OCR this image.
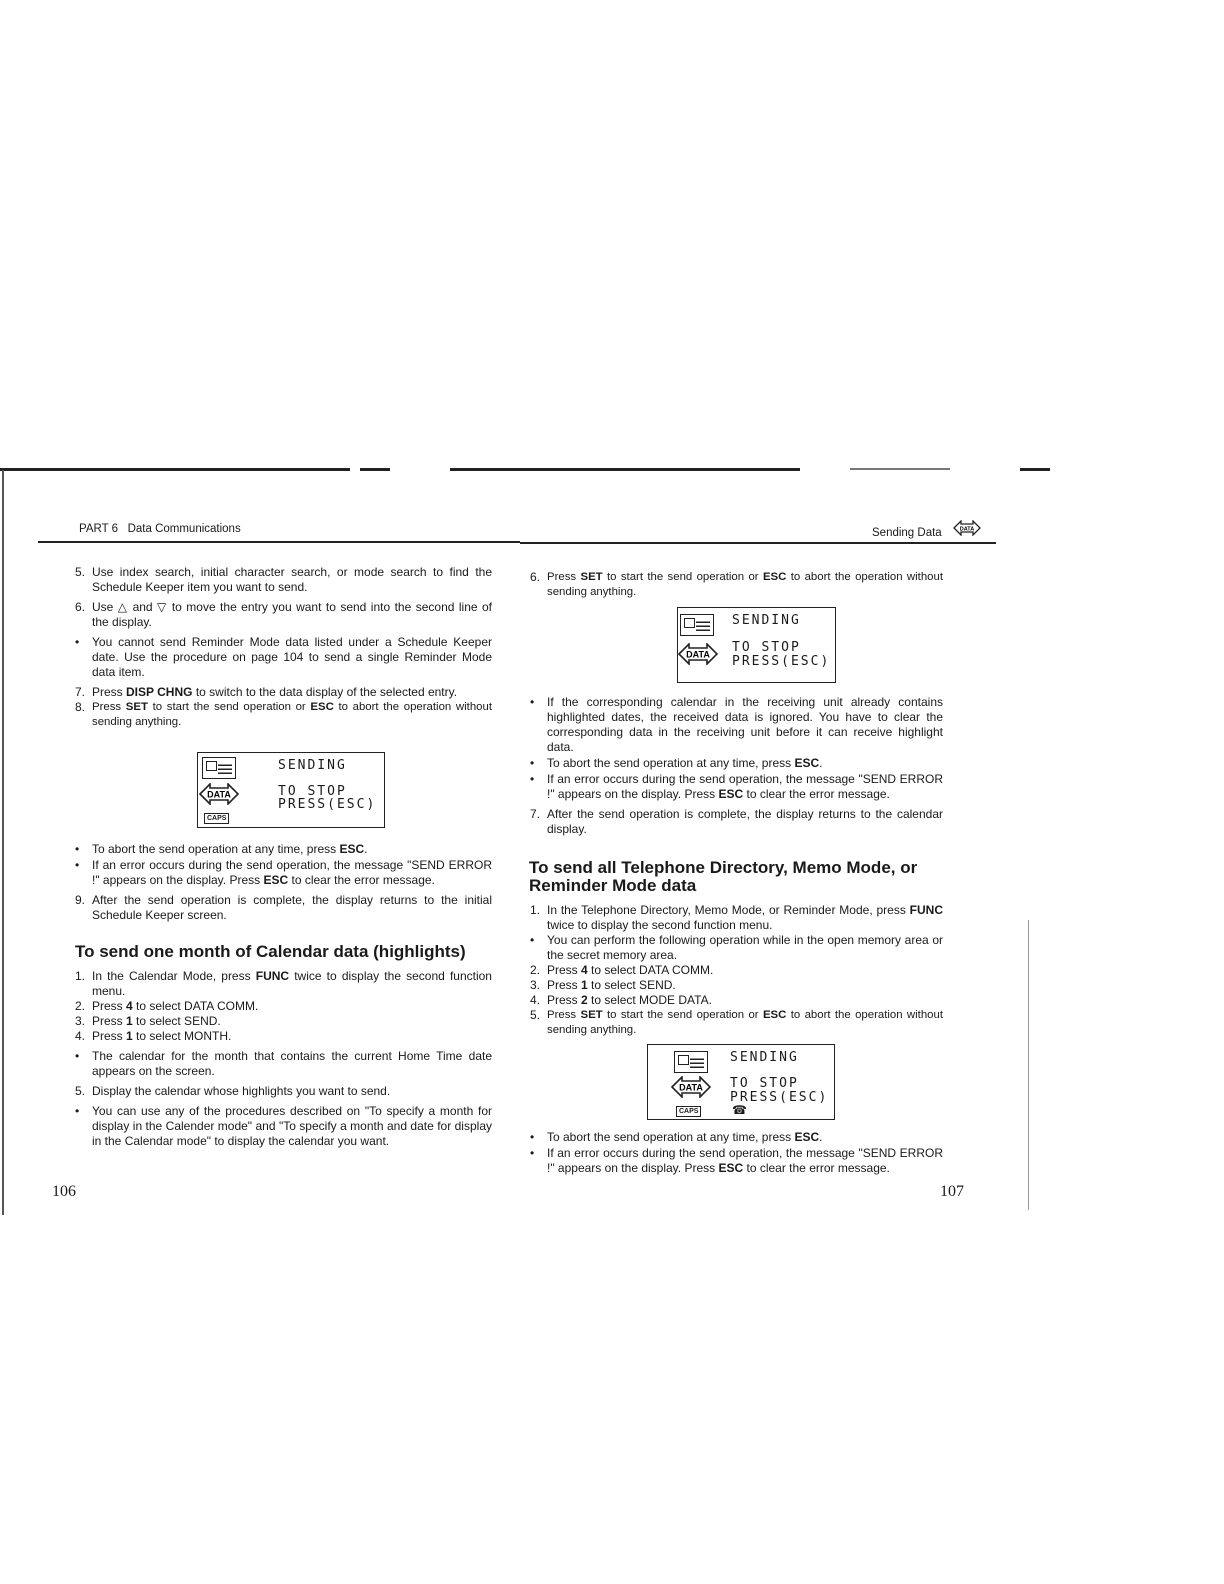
PART 6   Data Communications	Sending Data	DATA
5. Use index search, initial character search, or mode search to find the Schedule Keeper item you want to send.
6. Use △ and ▽ to move the entry you want to send into the second line of the display.
•	You cannot send Reminder Mode data listed under a Schedule Keeper date. Use the procedure on page 104 to send a single Reminder Mode data item.
7. Press DISP CHNG to switch to the data display of the selected entry.
8. Press SET to start the send operation or ESC to abort the operation without sending anything.
SENDING
DATA	TO STOP
PRESS(ESC)
CAPS
•	To abort the send operation at any time, press ESC.
•	If an error occurs during the send operation, the message "SEND ERROR !" appears on the display. Press ESC to clear the error message.
9. After the send operation is complete, the display returns to the initial Schedule Keeper screen.
To send one month of Calendar data (highlights)
1. In the Calendar Mode, press FUNC twice to display the second function menu.
2. Press 4 to select DATA COMM.
3. Press 1 to select SEND.
4. Press 1 to select MONTH.
•	The calendar for the month that contains the current Home Time date appears on the screen.
5. Display the calendar whose highlights you want to send.
•	You can use any of the procedures described on "To specify a month for display in the Calender mode" and "To specify a month and date for display in the Calendar mode" to display the calendar you want.
106
6. Press SET to start the send operation or ESC to abort the operation without sending anything.
SENDING
DATA TO STOP
PRESS(ESC)
•	If the corresponding calendar in the receiving unit already contains highlighted dates, the received data is ignored. You have to clear the corresponding data in the receiving unit before it can receive highlight data.
•	To abort the send operation at any time, press ESC.
•	If an error occurs during the send operation, the message "SEND ERROR !" appears on the display. Press ESC to clear the error message.
7. After the send operation is complete, the display returns to the calendar display.
To send all Telephone Directory, Memo Mode, or Reminder Mode data
1. In the Telephone Directory, Memo Mode, or Reminder Mode, press FUNC twice to display the second function menu.
•	You can perform the following operation while in the open memory area or the secret memory area.
2. Press 4 to select DATA COMM.
3. Press 1 to select SEND.
4. Press 2 to select MODE DATA.
5. Press SET to start the send operation or ESC to abort the operation without sending anything.
SENDING
DATA TO STOP
PRESS(ESC)
CAPS	☎
•	To abort the send operation at any time, press ESC.
•	If an error occurs during the send operation, the message "SEND ERROR !" appears on the display. Press ESC to clear the error message.
107
